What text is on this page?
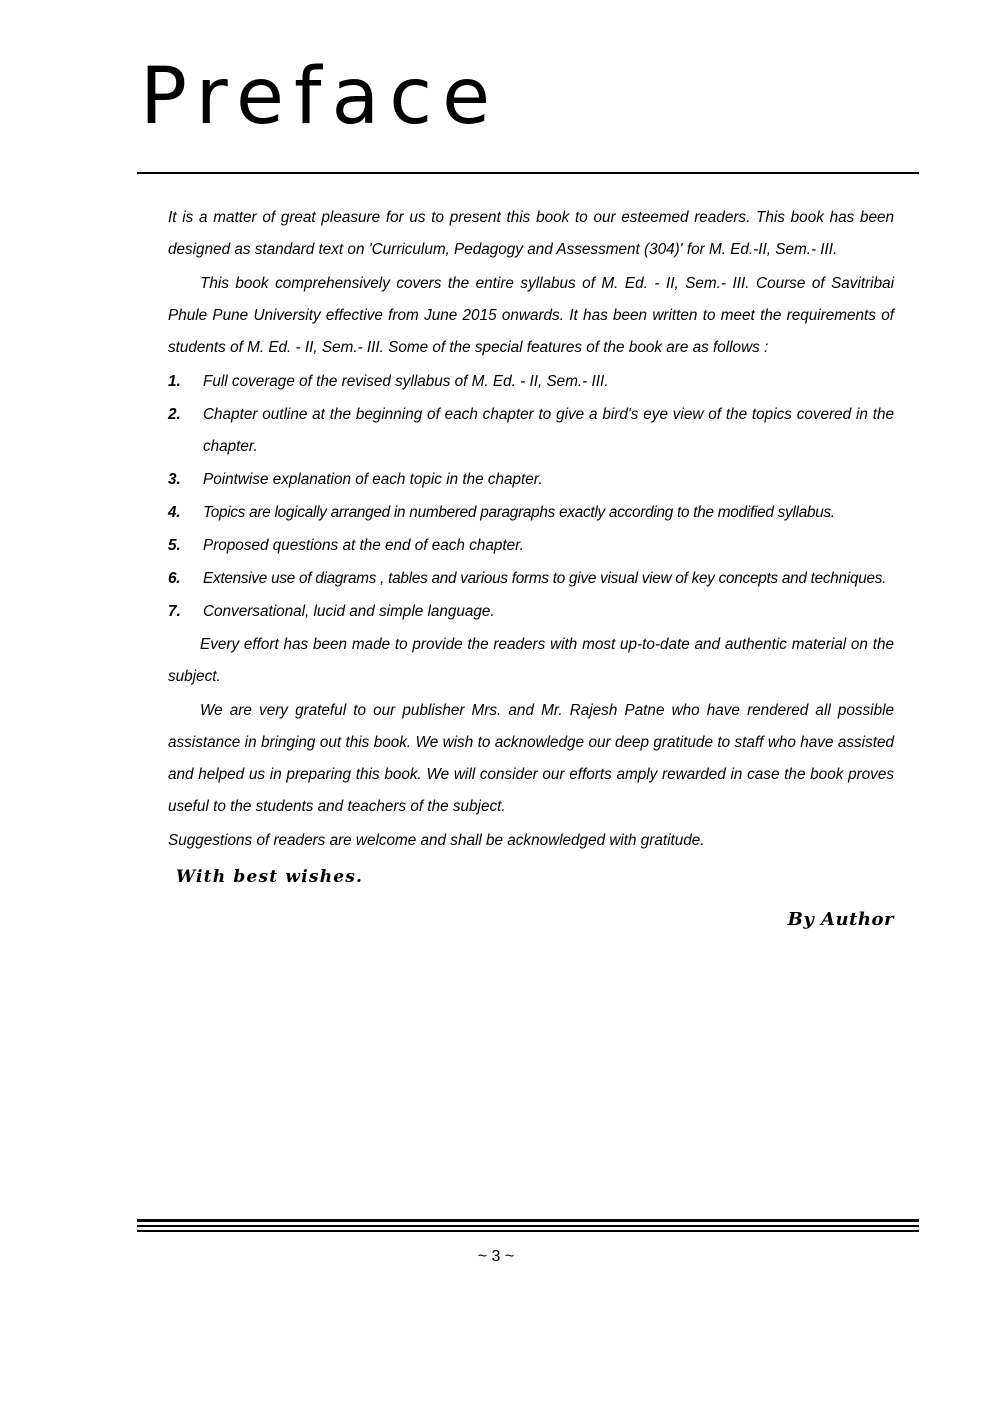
Preface

It is a matter of great pleasure for us to present this book to our esteemed readers. This book has been designed as standard text on 'Curriculum, Pedagogy and Assessment (304)' for M. Ed.-II, Sem.- III.

This book comprehensively covers the entire syllabus of M. Ed. - II, Sem.- III. Course of Savitribai Phule Pune University effective from June 2015 onwards. It has been written to meet the requirements of students of M. Ed. - II, Sem.- III. Some of the special features of the book are as follows :

1. Full coverage of the revised syllabus of M. Ed. - II, Sem.- III.
2. Chapter outline at the beginning of each chapter to give a bird's eye view of the topics covered in the chapter.
3. Pointwise explanation of each topic in the chapter.
4. Topics are logically arranged in numbered paragraphs exactly according to the modified syllabus.
5. Proposed questions at the end of each chapter.
6. Extensive use of diagrams , tables and various forms to give visual view of key concepts and techniques.
7. Conversational, lucid and simple language.

Every effort has been made to provide the readers with most up-to-date and authentic material on the subject.

We are very grateful to our publisher Mrs. and Mr. Rajesh Patne who have rendered all possible assistance in bringing out this book. We wish to acknowledge our deep gratitude to staff who have assisted and helped us in preparing this book. We will consider our efforts amply rewarded in case the book proves useful to the students and teachers of the subject.

Suggestions of readers are welcome and shall be acknowledged with gratitude.

With best wishes.
By Author
~ 3 ~
